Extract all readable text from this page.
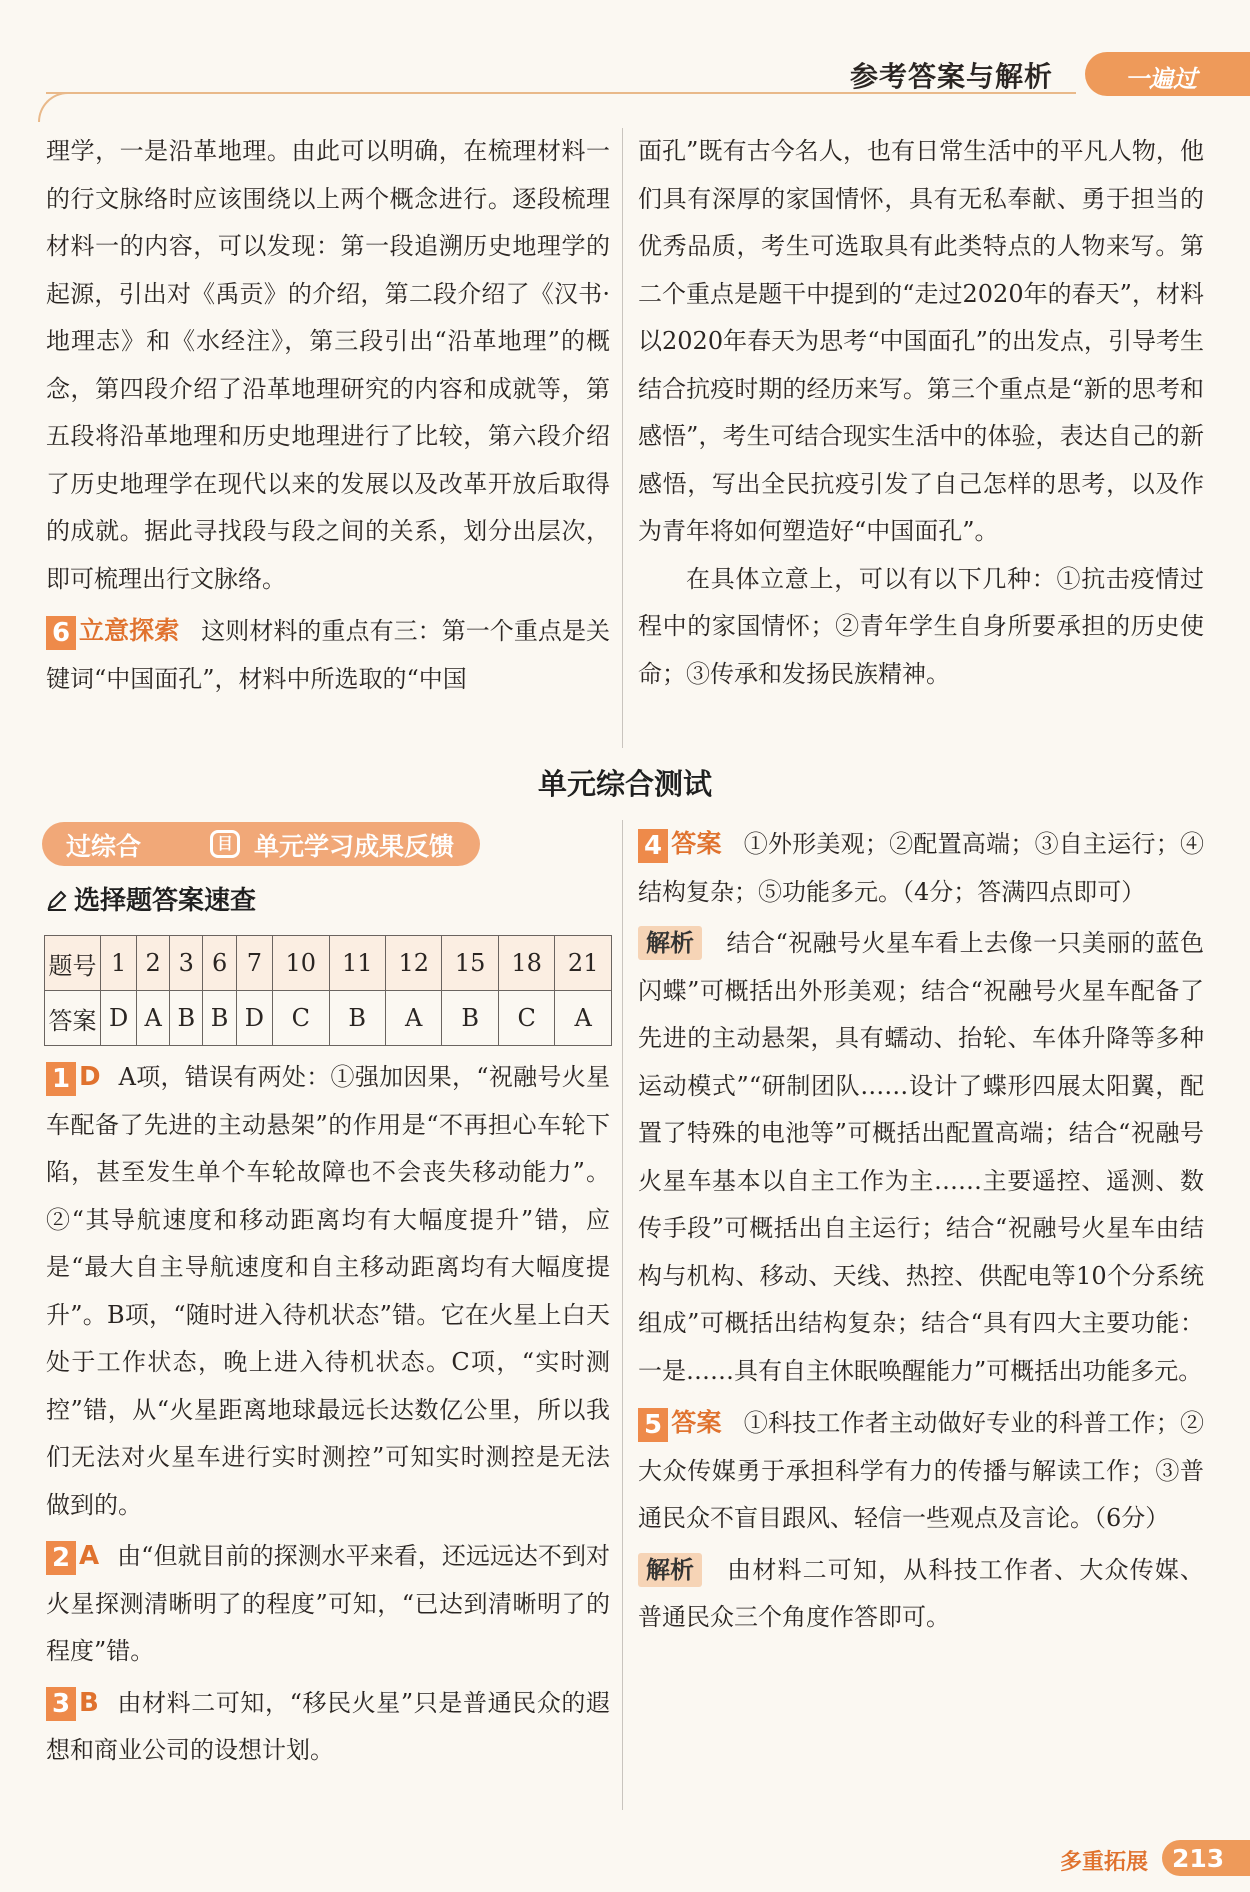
参考答案与解析	一遍过

理学，一是沿革地理。由此可以明确，在梳理材料一的行文脉络时应该围绕以上两个概念进行。逐段梳理材料一的内容，可以发现：第一段追溯历史地理学的起源，引出对《禹贡》的介绍，第二段介绍了《汉书·地理志》和《水经注》，第三段引出“沿革地理”的概念，第四段介绍了沿革地理研究的内容和成就等，第五段将沿革地理和历史地理进行了比较，第六段介绍了历史地理学在现代以来的发展以及改革开放后取得的成就。据此寻找段与段之间的关系，划分出层次，即可梳理出行文脉络。

6 立意探索 这则材料的重点有三：第一个重点是关键词“中国面孔”，材料中所选取的“中国

面孔”既有古今名人，也有日常生活中的平凡人物，他们具有深厚的家国情怀，具有无私奉献、勇于担当的优秀品质，考生可选取具有此类特点的人物来写。第二个重点是题干中提到的“走过2020年的春天”，材料以2020年春天为思考“中国面孔”的出发点，引导考生结合抗疫时期的经历来写。第三个重点是“新的思考和感悟”，考生可结合现实生活中的体验，表达自己的新感悟，写出全民抗疫引发了自己怎样的思考，以及作为青年将如何塑造好“中国面孔”。

在具体立意上，可以有以下几种：①抗击疫情过程中的家国情怀；②青年学生自身所要承担的历史使命；③传承和发扬民族精神。

单元综合测试
过综合	目 单元学习成果反馈
选择题答案速查
题号	1	2	3	6	7	10	11	12	15	18	21
答案	D	A	B	B	D	C	B	A	B	C	A

1 D A项，错误有两处：①强加因果，“祝融号火星车配备了先进的主动悬架”的作用是“不再担心车轮下陷，甚至发生单个车轮故障也不会丧失移动能力”。②“其导航速度和移动距离均有大幅度提升”错，应是“最大自主导航速度和自主移动距离均有大幅度提升”。B项，“随时进入待机状态”错。它在火星上白天处于工作状态，晚上进入待机状态。C项，“实时测控”错，从“火星距离地球最远长达数亿公里，所以我们无法对火星车进行实时测控”可知实时测控是无法做到的。

2 A 由“但就目前的探测水平来看，还远远达不到对火星探测清晰明了的程度”可知，“已达到清晰明了的程度”错。

3 B 由材料二可知，“移民火星”只是普通民众的遐想和商业公司的设想计划。

4 答案 ①外形美观；②配置高端；③自主运行；④结构复杂；⑤功能多元。（4分；答满四点即可）

解析 结合“祝融号火星车看上去像一只美丽的蓝色闪蝶”可概括出外形美观；结合“祝融号火星车配备了先进的主动悬架，具有蠕动、抬轮、车体升降等多种运动模式”“研制团队……设计了蝶形四展太阳翼，配置了特殊的电池等”可概括出配置高端；结合“祝融号火星车基本以自主工作为主……主要遥控、遥测、数传手段”可概括出自主运行；结合“祝融号火星车由结构与机构、移动、天线、热控、供配电等10个分系统组成”可概括出结构复杂；结合“具有四大主要功能：一是……具有自主休眠唤醒能力”可概括出功能多元。

5 答案 ①科技工作者主动做好专业的科普工作；②大众传媒勇于承担科学有力的传播与解读工作；③普通民众不盲目跟风、轻信一些观点及言论。（6分）

解析 由材料二可知，从科技工作者、大众传媒、普通民众三个角度作答即可。

多重拓展 213
